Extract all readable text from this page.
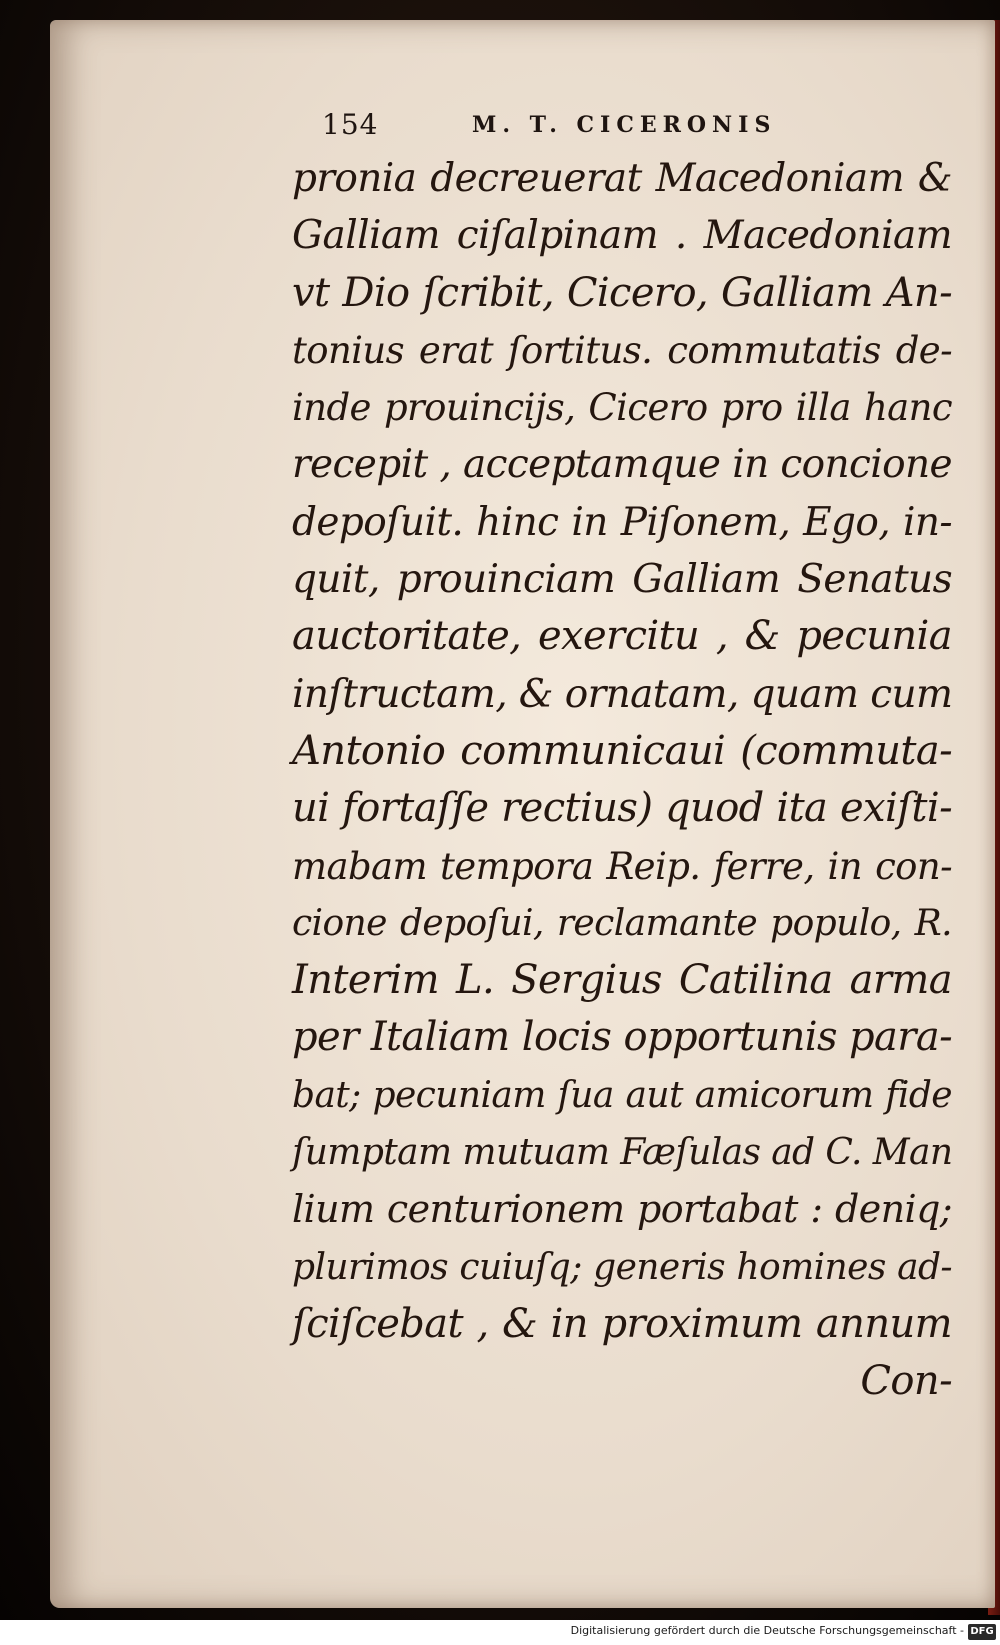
154	M. T. CICERONIS
pronia decreuerat Macedoniam &
Galliam ciſalpinam . Macedoniam
vt Dio ſcribit, Cicero, Galliam An-
tonius erat ſortitus. commutatis de-
inde prouincijs, Cicero pro illa hanc
recepit , acceptamque in concione
depoſuit. hinc in Piſonem, Ego, in-
quit, prouinciam Galliam Senatus
auctoritate, exercitu , & pecunia
inſtructam, & ornatam, quam cum
Antonio communicaui (commuta-
ui fortaſſe rectius) quod ita exiſti-
mabam tempora Reip. ferre, in con-
cione depoſui, reclamante populo, R.
Interim L. Sergius Catilina arma
per Italiam locis opportunis para-
bat; pecuniam ſua aut amicorum fide
ſumptam mutuam Fæſulas ad C. Man
lium centurionem portabat : deniq;
plurimos cuiuſq; generis homines ad-
ſciſcebat , & in proximum annum
Con-
Digitalisierung gefördert durch die Deutsche Forschungsgemeinschaft - DFG
